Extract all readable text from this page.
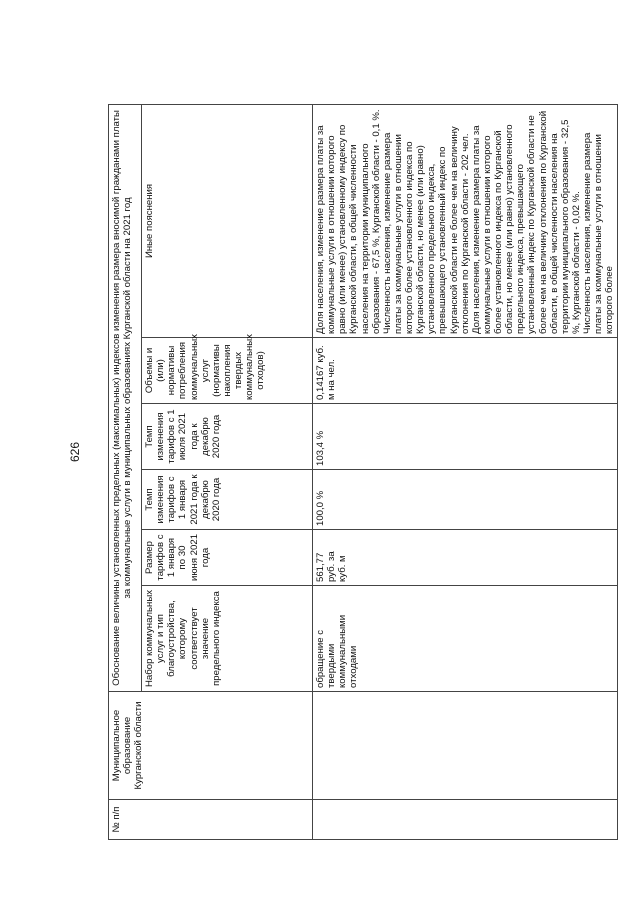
626
№ п/п	Муниципальное образование Курганской области	Обоснование величины установленных предельных (максимальных) индексов изменения размера вносимой гражданами платы за коммунальные услуги в муниципальных образованиях Курганской области на 2021 год					
		Набор коммунальных услуг и тип благоустройства, которому соответствует значение предельного индекса	Размер тарифов с 1 января по 30 июня 2021 года	Темп изменения тарифов с 1 января 2021 года к декабрю 2020 года	Темп изменения тарифов с 1 июля 2021 года к декабрю 2020 года	Объемы и (или) нормативы потребления коммунальных услуг (нормативы накопления твердых коммунальных отходов)	Иные пояснения
		обращение с твердыми коммунальными отходами	561,77 руб. за куб. м	100,0 %	103,4 %	0,14167 куб. м на чел.	Доля населения, изменение размера платы за коммунальные услуги в отношении которого равно (или менее) установленному индексу по Курганской области, в общей численности населения на территории муниципального образования - 67,5 %, Курганской области - 0,1 %.
Численность населения, изменение размера платы за коммунальные услуги в отношении которого более установленного индекса по Курганской области, но менее (или равно) установленного предельного индекса, превышающего установленный индекс по Курганской области не более чем на величину отклонения по Курганской области - 202 чел.
Доля населения, изменение размера платы за коммунальные услуги в отношении которого более установленного индекса по Курганской области, но менее (или равно) установленного предельного индекса, превышающего установленный индекс по Курганской области не более чем на величину отклонения по Курганской области, в общей численности населения на территории муниципального образования - 32,5 %, Курганской области - 0,02 %.
Численность населения, изменение размера платы за коммунальные услуги в отношении которого более
